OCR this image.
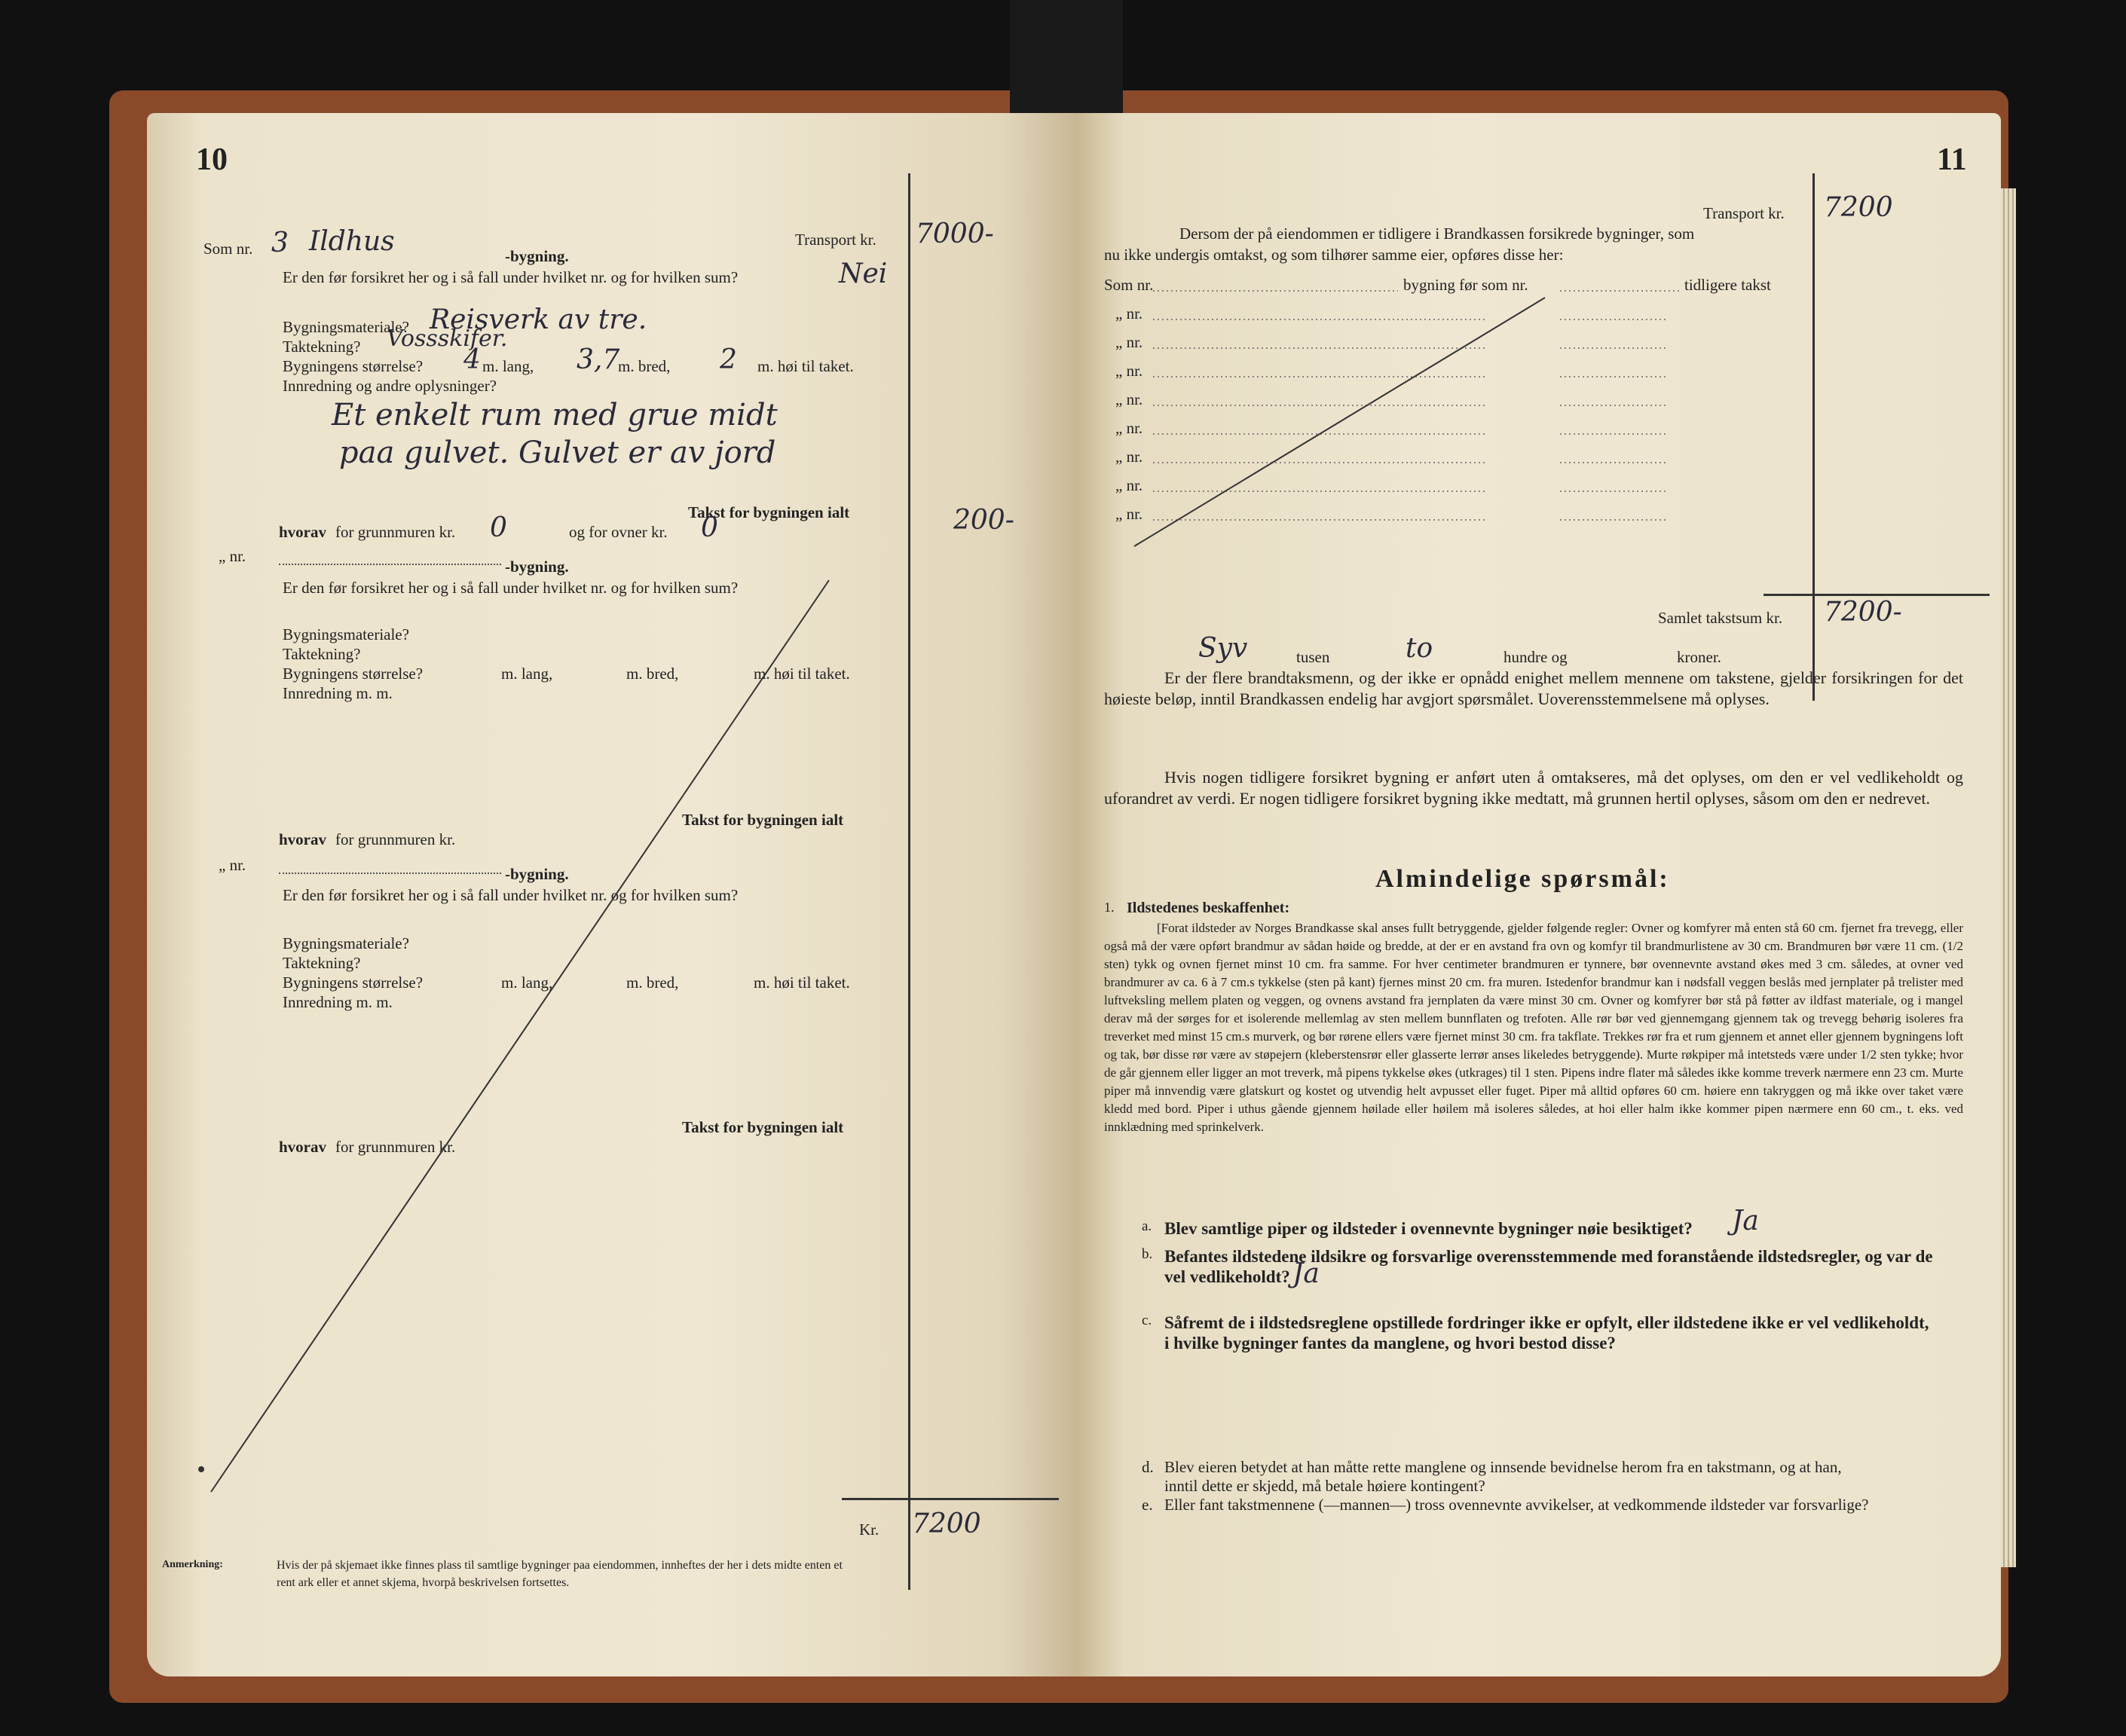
10
Transport kr. 7000-
Som nr. 3 Ildhus	-bygning.
Er den før forsikret her og i så fall under hvilket nr. og for hvilken sum?	Nei
Bygningsmateriale? Reisverk av tre.
Taktekning? Vossskifer.
Bygningens størrelse? 4 m. lang, 3,7
m. bred, 2 m. høi til taket.
Innredning og andre oplysninger?
Et enkelt rum med grue midt
paa gulvet. Gulvet er av jord
Takst for bygningen ialt	200-
hvorav for grunnmuren kr. 0	og for ovner kr. 0
„ nr.
-bygning.
Er den før forsikret her og i så fall under hvilket nr. og for hvilken sum?
Bygningsmateriale?
Taktekning?
Bygningens størrelse?	m. lang,	m. bred,	m. høi til taket.
Innredning m. m.
Takst for bygningen ialt
hvorav for grunnmuren kr.
„ nr.	-bygning.
Er den før forsikret her og i så fall under hvilket nr. og for hvilken sum?
Bygningsmateriale?
Taktekning?
Bygningens størrelse?	m. lang,	m. bred,	m. høi til taket.
Innredning m. m.
Takst for bygningen ialt
hvorav for grunnmuren kr.
Kr. 7200
Anmerkning:	Hvis der på skjemaet ikke finnes plass til samtlige bygninger paa eiendommen, innheftes der her i dets midte enten et
rent ark eller et annet skjema, hvorpå beskrivelsen fortsettes.
11
Transport kr. 7200
Dersom der på eiendommen er tidligere i Brandkassen forsikrede bygninger, som
nu ikke undergis omtakst, og som tilhører samme eier, opføres disse her:
Som nr.	bygning før som nr.	tidligere takst
„ nr.
„ nr.
„ nr.
„ nr.
„ nr.
„ nr.
„ nr.
„ nr.
Samlet takstsum kr. 7200-
Syv	tusen	to	hundre og	kroner.
Er der flere brandtaksmenn, og der ikke er opnådd enighet mellem mennene om takstene, gjelder forsikringen for det høieste beløp, inntil Brandkassen endelig har avgjort spørsmålet. Uoverensstemmelsene må oplyses.
Hvis nogen tidligere forsikret bygning er anført uten å omtakseres, må det oplyses, om den er vel vedlikeholdt og uforandret av verdi. Er nogen tidligere forsikret bygning ikke medtatt, må grunnen hertil oplyses, såsom om den er nedrevet.
Almindelige spørsmål:
1. Ildstedenes beskaffenhet:
[Forat ildsteder av Norges Brandkasse skal anses fullt betryggende, gjelder følgende regler: Ovner og komfyrer må enten stå 60 cm. fjernet fra trevegg, eller også må der være opført brandmur av sådan høide og bredde, at der er en avstand fra ovn og komfyr til brandmurlistene av 30 cm. Brandmuren bør være 11 cm. (1/2 sten) tykk og ovnen fjernet minst 10 cm. fra samme. For hver centimeter brandmuren er tynnere, bør ovennevnte avstand økes med 3 cm. således, at ovner ved brandmurer av ca. 6 à 7 cm.s tykkelse (sten på kant) fjernes minst 20 cm. fra muren. Istedenfor brandmur kan i nødsfall veggen beslås med jernplater på trelister med luftveksling mellem platen og veggen, og ovnens avstand fra jernplaten da være minst 30 cm. Ovner og komfyrer bør stå på føtter av ildfast materiale, og i mangel derav må der sørges for et isolerende mellemlag av sten mellem bunnflaten og trefoten. Alle rør bør ved gjennemgang gjennem tak og trevegg behørig isoleres fra treverket med minst 15 cm.s murverk, og bør rørene ellers være fjernet minst 30 cm. fra takflate. Trekkes rør fra et rum gjennem et annet eller gjennem bygningens loft og tak, bør disse rør være av støpejern (kleberstensrør eller glasserte lerrør anses likeledes betryggende). Murte røkpiper må intetsteds være under 1/2 sten tykke; hvor de går gjennem eller ligger an mot treverk, må pipens tykkelse økes (utkrages) til 1 sten. Pipens indre flater må således ikke komme treverk nærmere enn 23 cm. Murte piper må innvendig være glatskurt og kostet og utvendig helt avpusset eller fuget. Piper må alltid opføres 60 cm. høiere enn takryggen og må ikke over taket være kledd med bord. Piper i uthus gående gjennem høilade eller høilem må isoleres således, at hoi eller halm ikke kommer pipen nærmere enn 60 cm., t. eks. ved innklædning med sprinkelverk.
a. Blev samtlige piper og ildsteder i ovennevnte bygninger nøie besiktiget? Ja
b. Befantes ildstedene ildsikre og forsvarlige overensstemmende med foranstående ildstedsregler, og var de
vel vedlikeholdt? Ja
c. Såfremt de i ildstedsreglene opstillede fordringer ikke er opfylt, eller ildstedene ikke er vel vedlikeholdt,
i hvilke bygninger fantes da manglene, og hvori bestod disse?
d. Blev eieren betydet at han måtte rette manglene og innsende bevidnelse herom fra en takstmann, og at han,
inntil dette er skjedd, må betale høiere kontingent?
e. Eller fant takstmennene (—mannen—) tross ovennevnte avvikelser, at vedkommende ildsteder var forsvarlige?
